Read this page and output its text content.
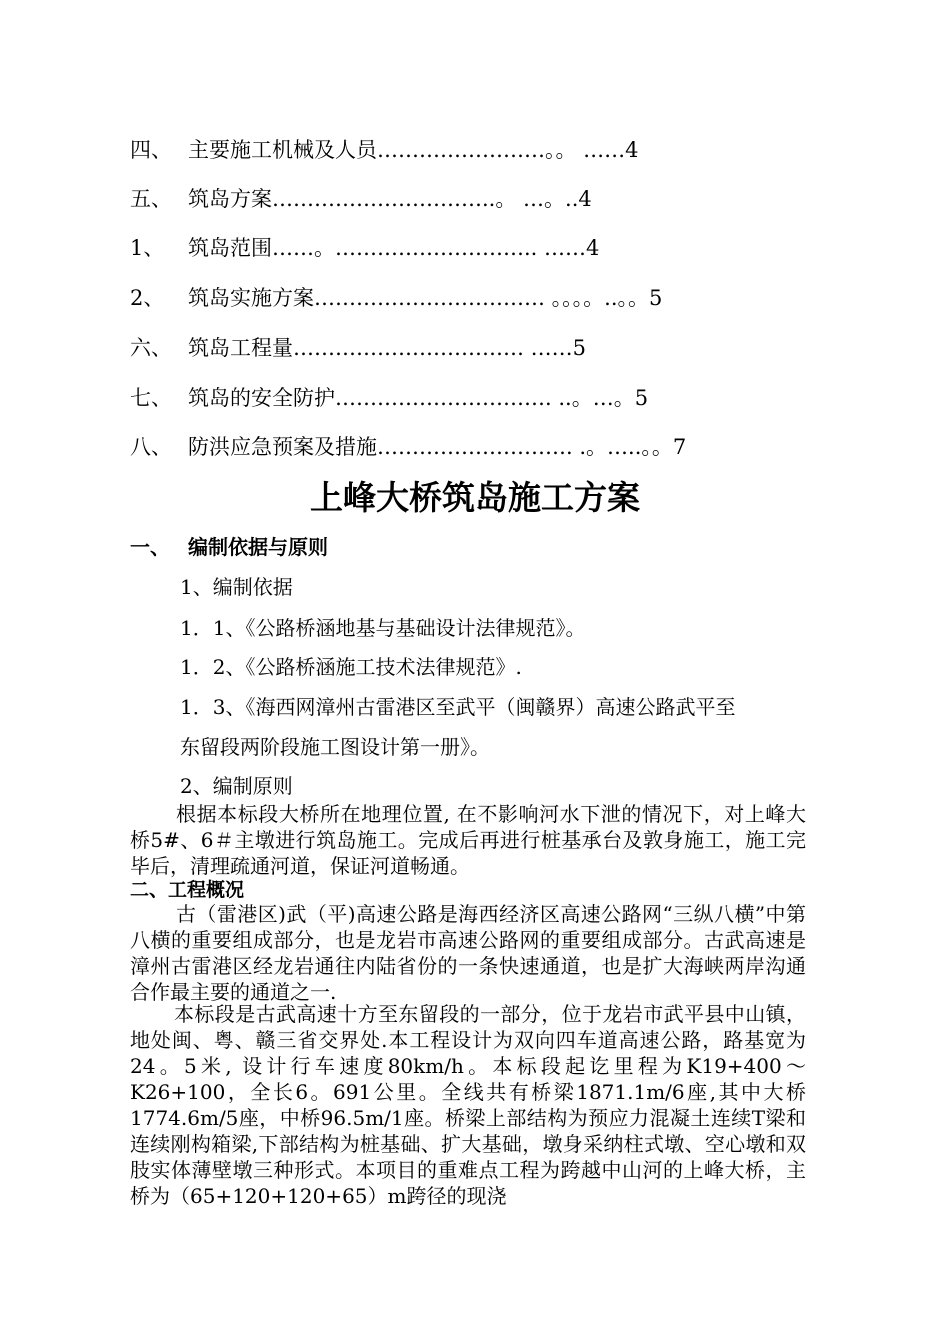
四、 主要施工机械及人员……………………。。 ……4
五、 筑岛方案…………………………..。 …。..4
1、 筑岛范围……。……………………….. ……4
2、 筑岛实施方案…………………………… 。。。。..。。5
六、 筑岛工程量…………………………… ……5
七、 筑岛的安全防护…………………………. ..。…。5
八、 防洪应急预案及措施………………………. .。…..。。7
上峰大桥筑岛施工方案
一、 编制依据与原则
1、编制依据
1．1、《公路桥涵地基与基础设计法律规范》。
1．2、《公路桥涵施工技术法律规范》.
1．3、《海西网漳州古雷港区至武平（闽赣界）高速公路武平至
东留段两阶段施工图设计第一册》。
2、编制原则

根据本标段大桥所在地理位置, 在不影响河水下泄的情况下，对上峰大桥5#、6＃主墩进行筑岛施工。完成后再进行桩基承台及敦身施工，施工完毕后，清理疏通河道，保证河道畅通。

二、工程概况

古（雷港区)武（平)高速公路是海西经济区高速公路网“三纵八横”中第八横的重要组成部分，也是龙岩市高速公路网的重要组成部分。古武高速是漳州古雷港区经龙岩通往内陆省份的一条快速通道，也是扩大海峡两岸沟通合作最主要的通道之一.

本标段是古武高速十方至东留段的一部分，位于龙岩市武平县中山镇，地处闽、粤、赣三省交界处.本工程设计为双向四车道高速公路，路基宽为24。5米, 设计行车速度80km/h。本标段起讫里程为K19+400～K26+100，全长6。691公里。全线共有桥梁1871.1m/6座,其中大桥1774.6m/5座，中桥96.5m/1座。桥梁上部结构为预应力混凝土连续T梁和连续刚构箱梁,下部结构为桩基础、扩大基础，墩身采纳柱式墩、空心墩和双肢实体薄壁墩三种形式。本项目的重难点工程为跨越中山河的上峰大桥，主桥为（65+120+120+65）m跨径的现浇
